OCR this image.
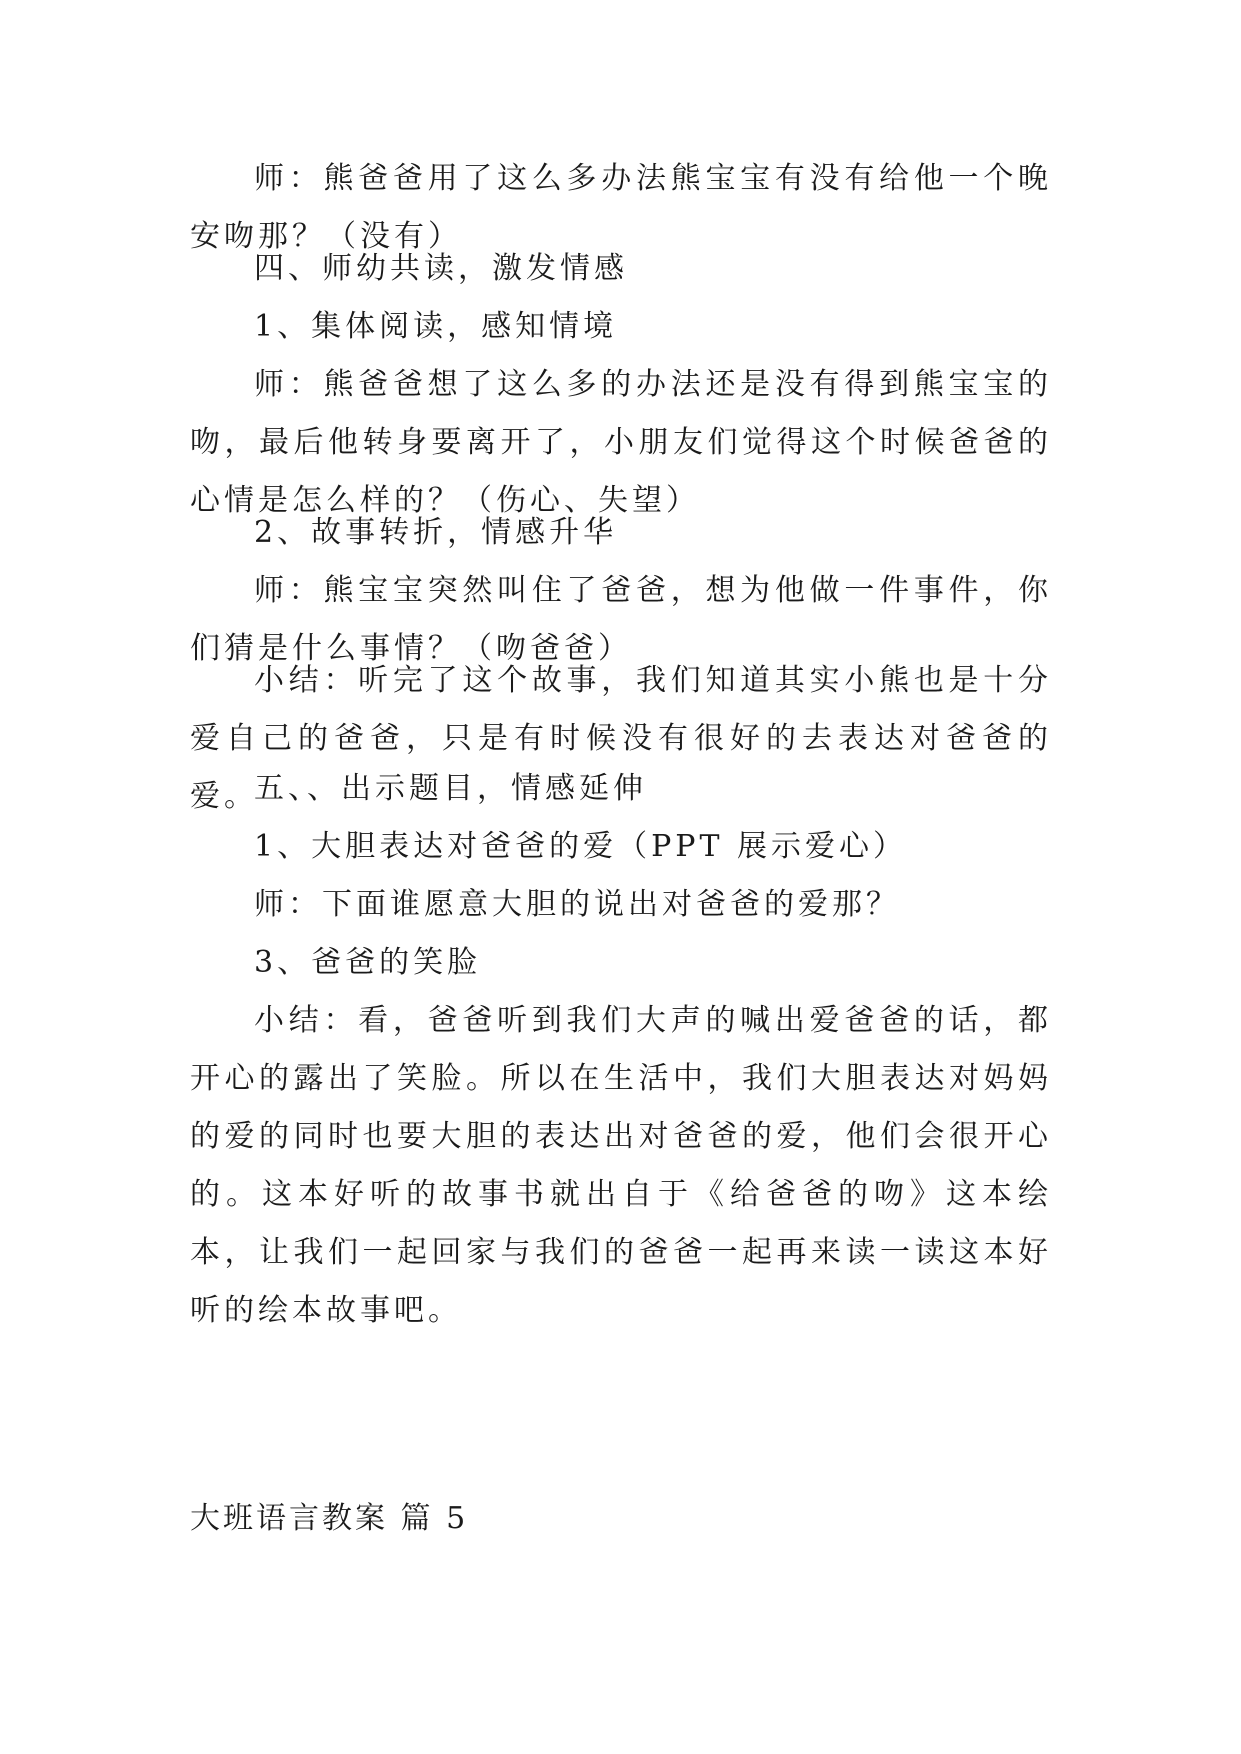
师：熊爸爸用了这么多办法熊宝宝有没有给他一个晚安吻那？（没有）

四、师幼共读，激发情感

1、集体阅读，感知情境

师：熊爸爸想了这么多的办法还是没有得到熊宝宝的吻，最后他转身要离开了，小朋友们觉得这个时候爸爸的心情是怎么样的？（伤心、失望）

2、故事转折，情感升华

师：熊宝宝突然叫住了爸爸，想为他做一件事件，你们猜是什么事情？（吻爸爸）

小结：听完了这个故事，我们知道其实小熊也是十分爱自己的爸爸，只是有时候没有很好的去表达对爸爸的爱。

五、、出示题目，情感延伸

1、大胆表达对爸爸的爱（PPT 展示爱心）

师：下面谁愿意大胆的说出对爸爸的爱那？

3、爸爸的笑脸

小结：看，爸爸听到我们大声的喊出爱爸爸的话，都开心的露出了笑脸。所以在生活中，我们大胆表达对妈妈的爱的同时也要大胆的表达出对爸爸的爱，他们会很开心的。这本好听的故事书就出自于《给爸爸的吻》这本绘本，让我们一起回家与我们的爸爸一起再来读一读这本好听的绘本故事吧。

大班语言教案 篇 5
